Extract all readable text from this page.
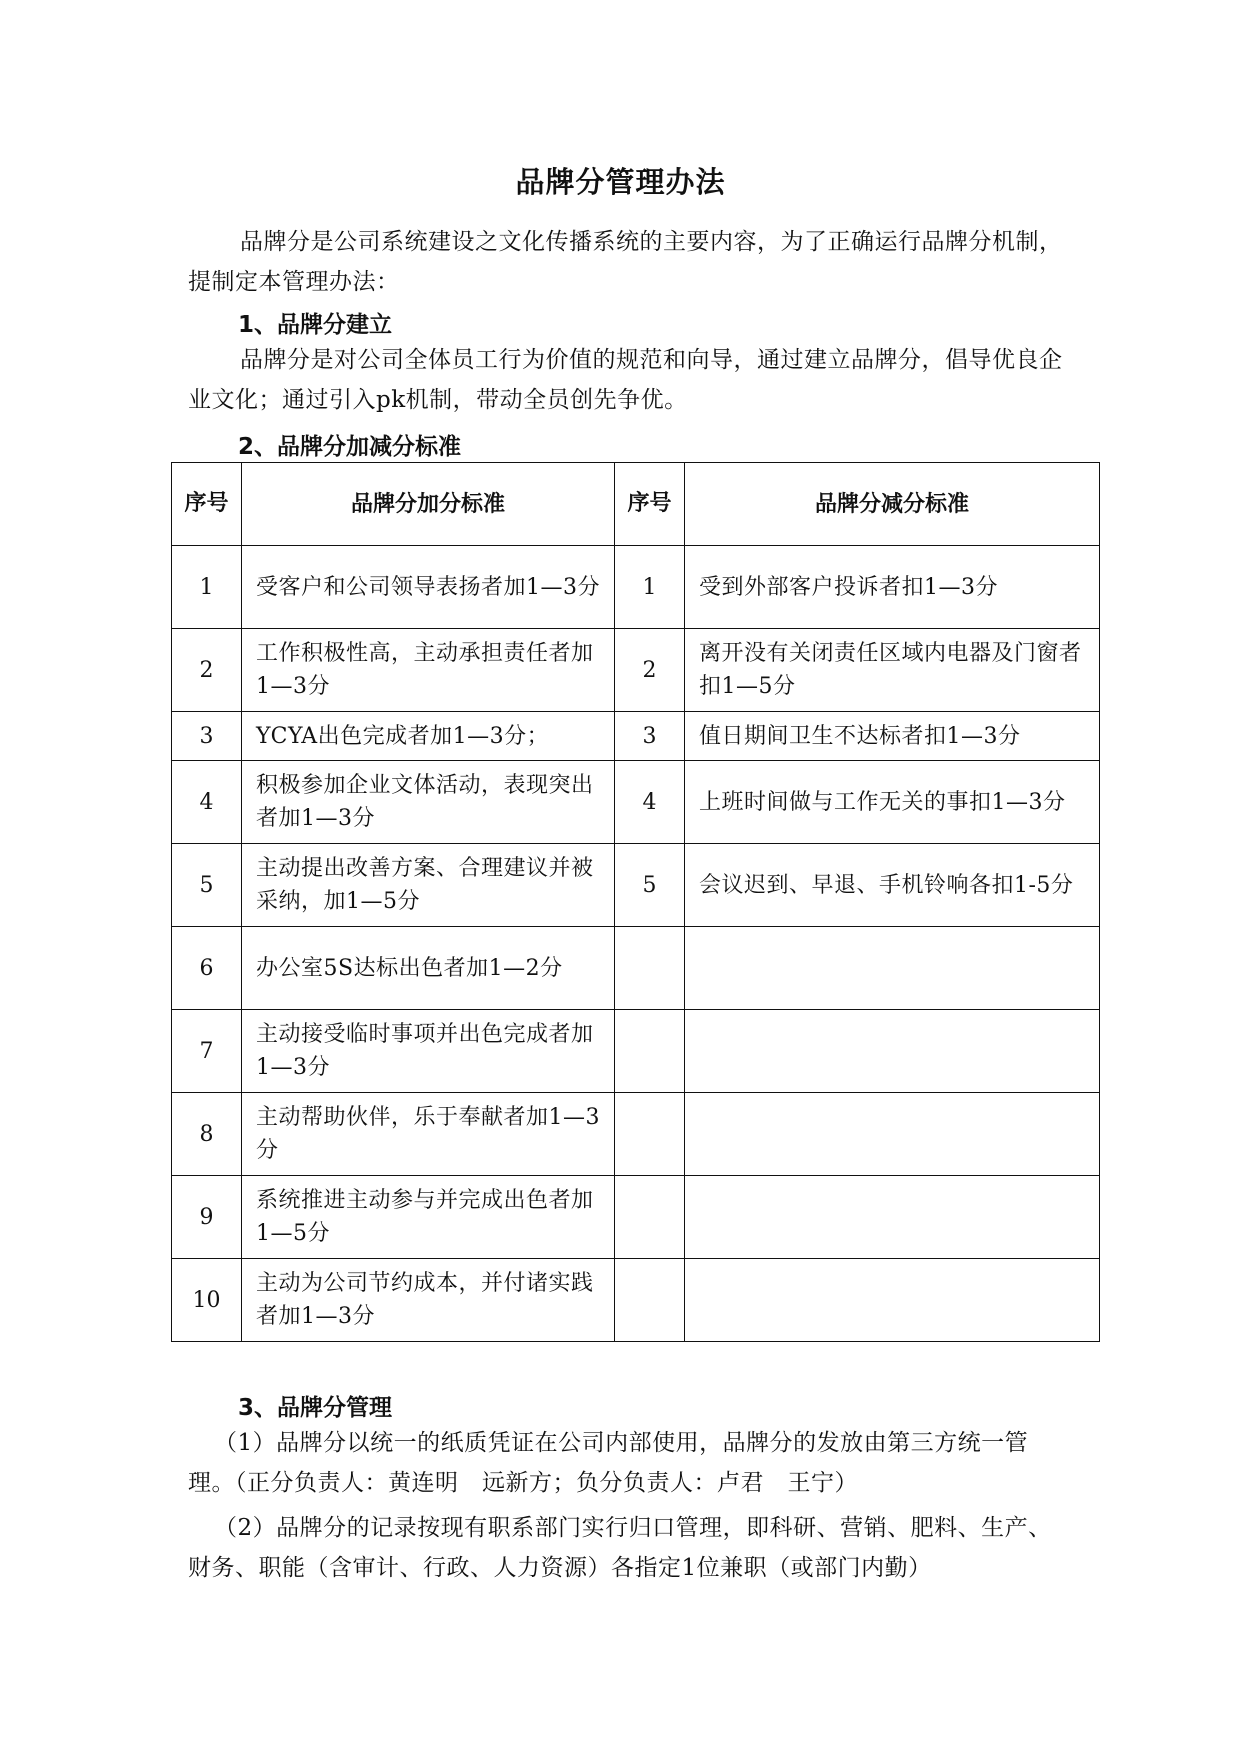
品牌分管理办法

品牌分是公司系统建设之文化传播系统的主要内容，为了正确运行品牌分机制，提制定本管理办法：

1、品牌分建立

品牌分是对公司全体员工行为价值的规范和向导，通过建立品牌分，倡导优良企业文化；通过引入pk机制，带动全员创先争优。

2、品牌分加减分标准
序号	品牌分加分标准	序号	品牌分减分标准
1	受客户和公司领导表扬者加1—3分	1	受到外部客户投诉者扣1—3分
2	工作积极性高，主动承担责任者加1—3分	2	离开没有关闭责任区域内电器及门窗者扣1—5分
3	YCYA出色完成者加1—3分；	3	值日期间卫生不达标者扣1—3分
4	积极参加企业文体活动，表现突出者加1—3分	4	上班时间做与工作无关的事扣1—3分
5	主动提出改善方案、合理建议并被采纳，加1—5分	5	会议迟到、早退、手机铃响各扣1-5分
6	办公室5S达标出色者加1—2分		
7	主动接受临时事项并出色完成者加1—3分		
8	主动帮助伙伴，乐于奉献者加1—3分		
9	系统推进主动参与并完成出色者加1—5分		
10	主动为公司节约成本，并付诸实践者加1—3分		
3、品牌分管理

（1）品牌分以统一的纸质凭证在公司内部使用，品牌分的发放由第三方统一管理。（正分负责人：黄连明　远新方；负分负责人：卢君　王宁）

（2）品牌分的记录按现有职系部门实行归口管理，即科研、营销、肥料、生产、财务、职能（含审计、行政、人力资源）各指定1位兼职（或部门内勤）
